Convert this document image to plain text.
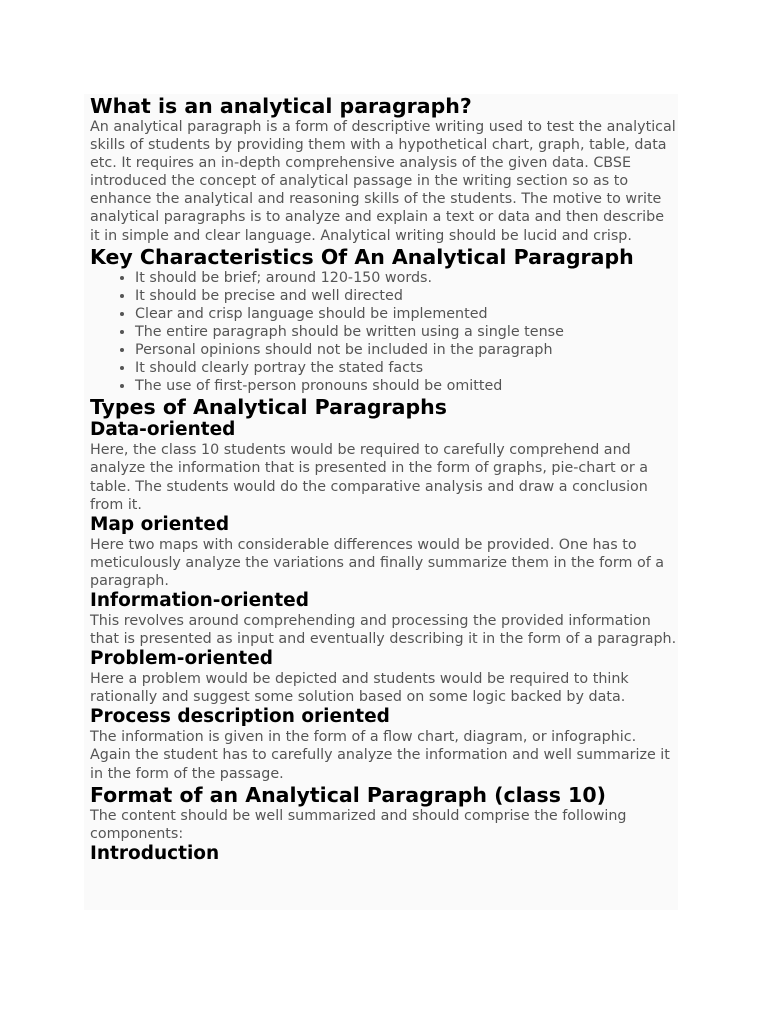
What is an analytical paragraph?

An analytical paragraph is a form of descriptive writing used to test the analytical skills of students by providing them with a hypothetical chart, graph, table, data etc. It requires an in-depth comprehensive analysis of the given data. CBSE introduced the concept of analytical passage in the writing section so as to enhance the analytical and reasoning skills of the students. The motive to write analytical paragraphs is to analyze and explain a text or data and then describe it in simple and clear language. Analytical writing should be lucid and crisp.

Key Characteristics Of An Analytical Paragraph
• It should be brief; around 120-150 words.
• It should be precise and well directed
• Clear and crisp language should be implemented
• The entire paragraph should be written using a single tense
• Personal opinions should not be included in the paragraph
• It should clearly portray the stated facts
• The use of first-person pronouns should be omitted
Types of Analytical Paragraphs
Data-oriented

Here, the class 10 students would be required to carefully comprehend and analyze the information that is presented in the form of graphs, pie-chart or a table. The students would do the comparative analysis and draw a conclusion from it.

Map oriented

Here two maps with considerable differences would be provided. One has to meticulously analyze the variations and finally summarize them in the form of a paragraph.

Information-oriented

This revolves around comprehending and processing the provided information that is presented as input and eventually describing it in the form of a paragraph.

Problem-oriented

Here a problem would be depicted and students would be required to think rationally and suggest some solution based on some logic backed by data.

Process description oriented

The information is given in the form of a flow chart, diagram, or infographic. Again the student has to carefully analyze the information and well summarize it in the form of the passage.

Format of an Analytical Paragraph (class 10)

The content should be well summarized and should comprise the following components:

Introduction
